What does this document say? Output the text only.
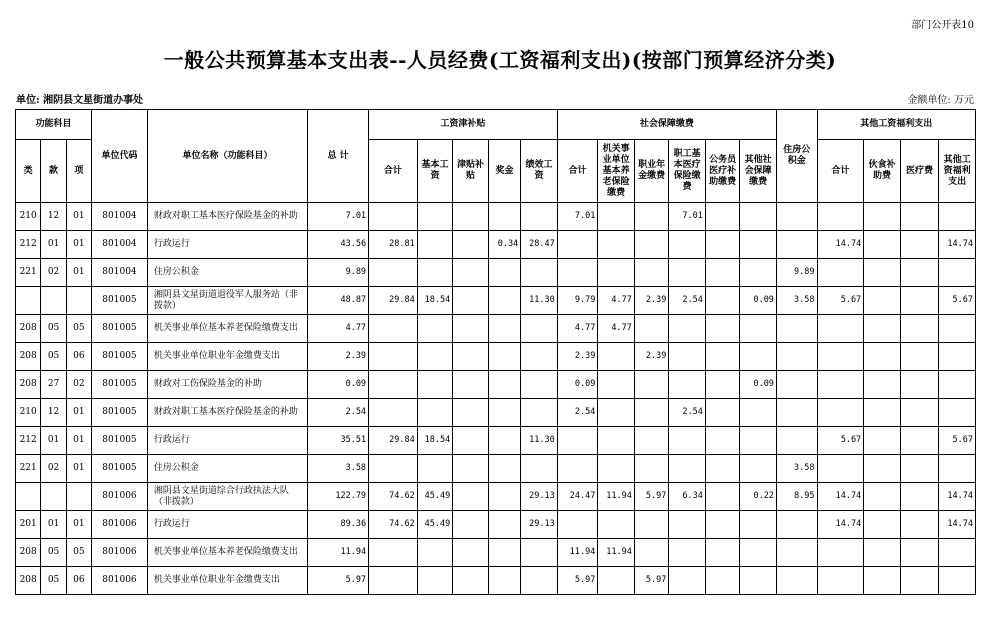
部门公开表10
一般公共预算基本支出表--人员经费(工资福利支出)(按部门预算经济分类)
单位: 湘阴县文星街道办事处	金额单位: 万元
功能科目			单位代码	单位名称（功能科目）	总 计	工资津补贴					社会保障缴费						住房公积金	其他工资福利支出			
类	款	项				合计	基本工资	津贴补贴	奖金	绩效工资	合计	机关事业单位基本养老保险缴费	职业年金缴费	职工基本医疗保险缴费	公务员医疗补助缴费	其他社会保障缴费		合计	伙食补助费	医疗费	其他工资福利支出
210	12	01	801004	财政对职工基本医疗保险基金的补助	7.01						7.01			7.01							
212	01	01	801004	行政运行	43.56	28.81			0.34	28.47								14.74			14.74
221	02	01	801004	住房公积金	9.89												9.89				
			801005	湘阴县文星街道退役军人服务站（非拨款）	48.87	29.84	18.54			11.30	9.79	4.77	2.39	2.54		0.09	3.58	5.67			5.67
208	05	05	801005	机关事业单位基本养老保险缴费支出	4.77						4.77	4.77									
208	05	06	801005	机关事业单位职业年金缴费支出	2.39						2.39		2.39								
208	27	02	801005	财政对工伤保险基金的补助	0.09						0.09					0.09					
210	12	01	801005	财政对职工基本医疗保险基金的补助	2.54						2.54			2.54							
212	01	01	801005	行政运行	35.51	29.84	18.54			11.30								5.67			5.67
221	02	01	801005	住房公积金	3.58												3.58				
			801006	湘阴县文星街道综合行政执法大队（非拨款）	122.79	74.62	45.49			29.13	24.47	11.94	5.97	6.34		0.22	8.95	14.74			14.74
201	01	01	801006	行政运行	89.36	74.62	45.49			29.13								14.74			14.74
208	05	05	801006	机关事业单位基本养老保险缴费支出	11.94						11.94	11.94									
208	05	06	801006	机关事业单位职业年金缴费支出	5.97						5.97		5.97								
